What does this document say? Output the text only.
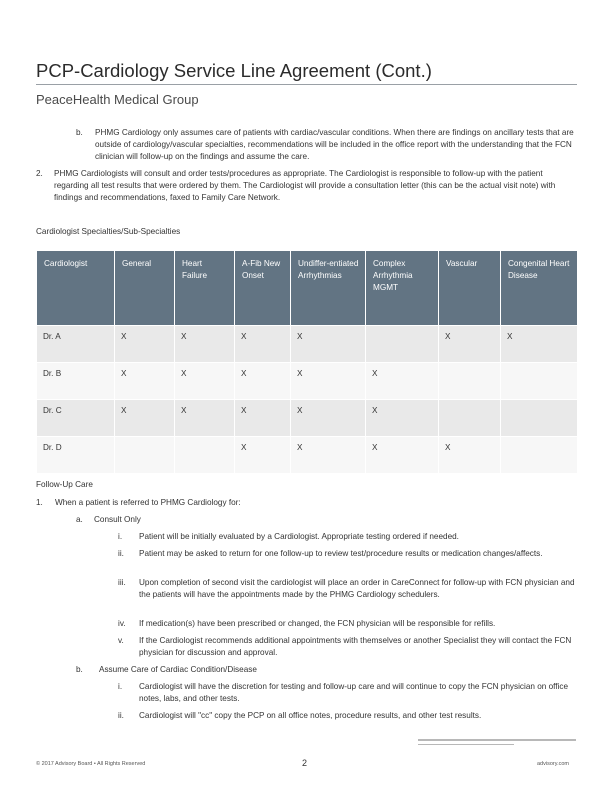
PCP-Cardiology Service Line Agreement (Cont.)
PeaceHealth Medical Group
b. PHMG Cardiology only assumes care of patients with cardiac/vascular conditions. When there are findings on ancillary tests that are outside of cardiology/vascular specialties, recommendations will be included in the office report with the understanding that the FCN clinician will follow-up on the findings and assume the care.
2. PHMG Cardiologists will consult and order tests/procedures as appropriate. The Cardiologist is responsible to follow-up with the patient regarding all test results that were ordered by them. The Cardiologist will provide a consultation letter (this can be the actual visit note) with findings and recommendations, faxed to Family Care Network.
Cardiologist Specialties/Sub-Specialties
Cardiologist	General	Heart Failure	A-Fib New Onset	Undiffer-entiated Arrhythmias	Complex Arrhythmia MGMT	Vascular	Congenital Heart Disease
Dr. A	X	X	X	X		X	X
Dr. B	X	X	X	X	X		
Dr. C	X	X	X	X	X		
Dr. D			X	X	X	X	
Follow-Up Care
1. When a patient is referred to PHMG Cardiology for:
a. Consult Only
i. Patient will be initially evaluated by a Cardiologist. Appropriate testing ordered if needed.
ii. Patient may be asked to return for one follow-up to review test/procedure results or medication changes/affects.
iii. Upon completion of second visit the cardiologist will place an order in CareConnect for follow-up with FCN physician and the patients will have the appointments made by the PHMG Cardiology schedulers.
iv. If medication(s) have been prescribed or changed, the FCN physician will be responsible for refills.
v. If the Cardiologist recommends additional appointments with themselves or another Specialist they will contact the FCN physician for discussion and approval.
b. Assume Care of Cardiac Condition/Disease
i. Cardiologist will have the discretion for testing and follow-up care and will continue to copy the FCN physician on office notes, labs, and other tests.
ii. Cardiologist will "cc" copy the PCP on all office notes, procedure results, and other test results.
© 2017 Advisory Board • All Rights Reserved	2	advisory.com
